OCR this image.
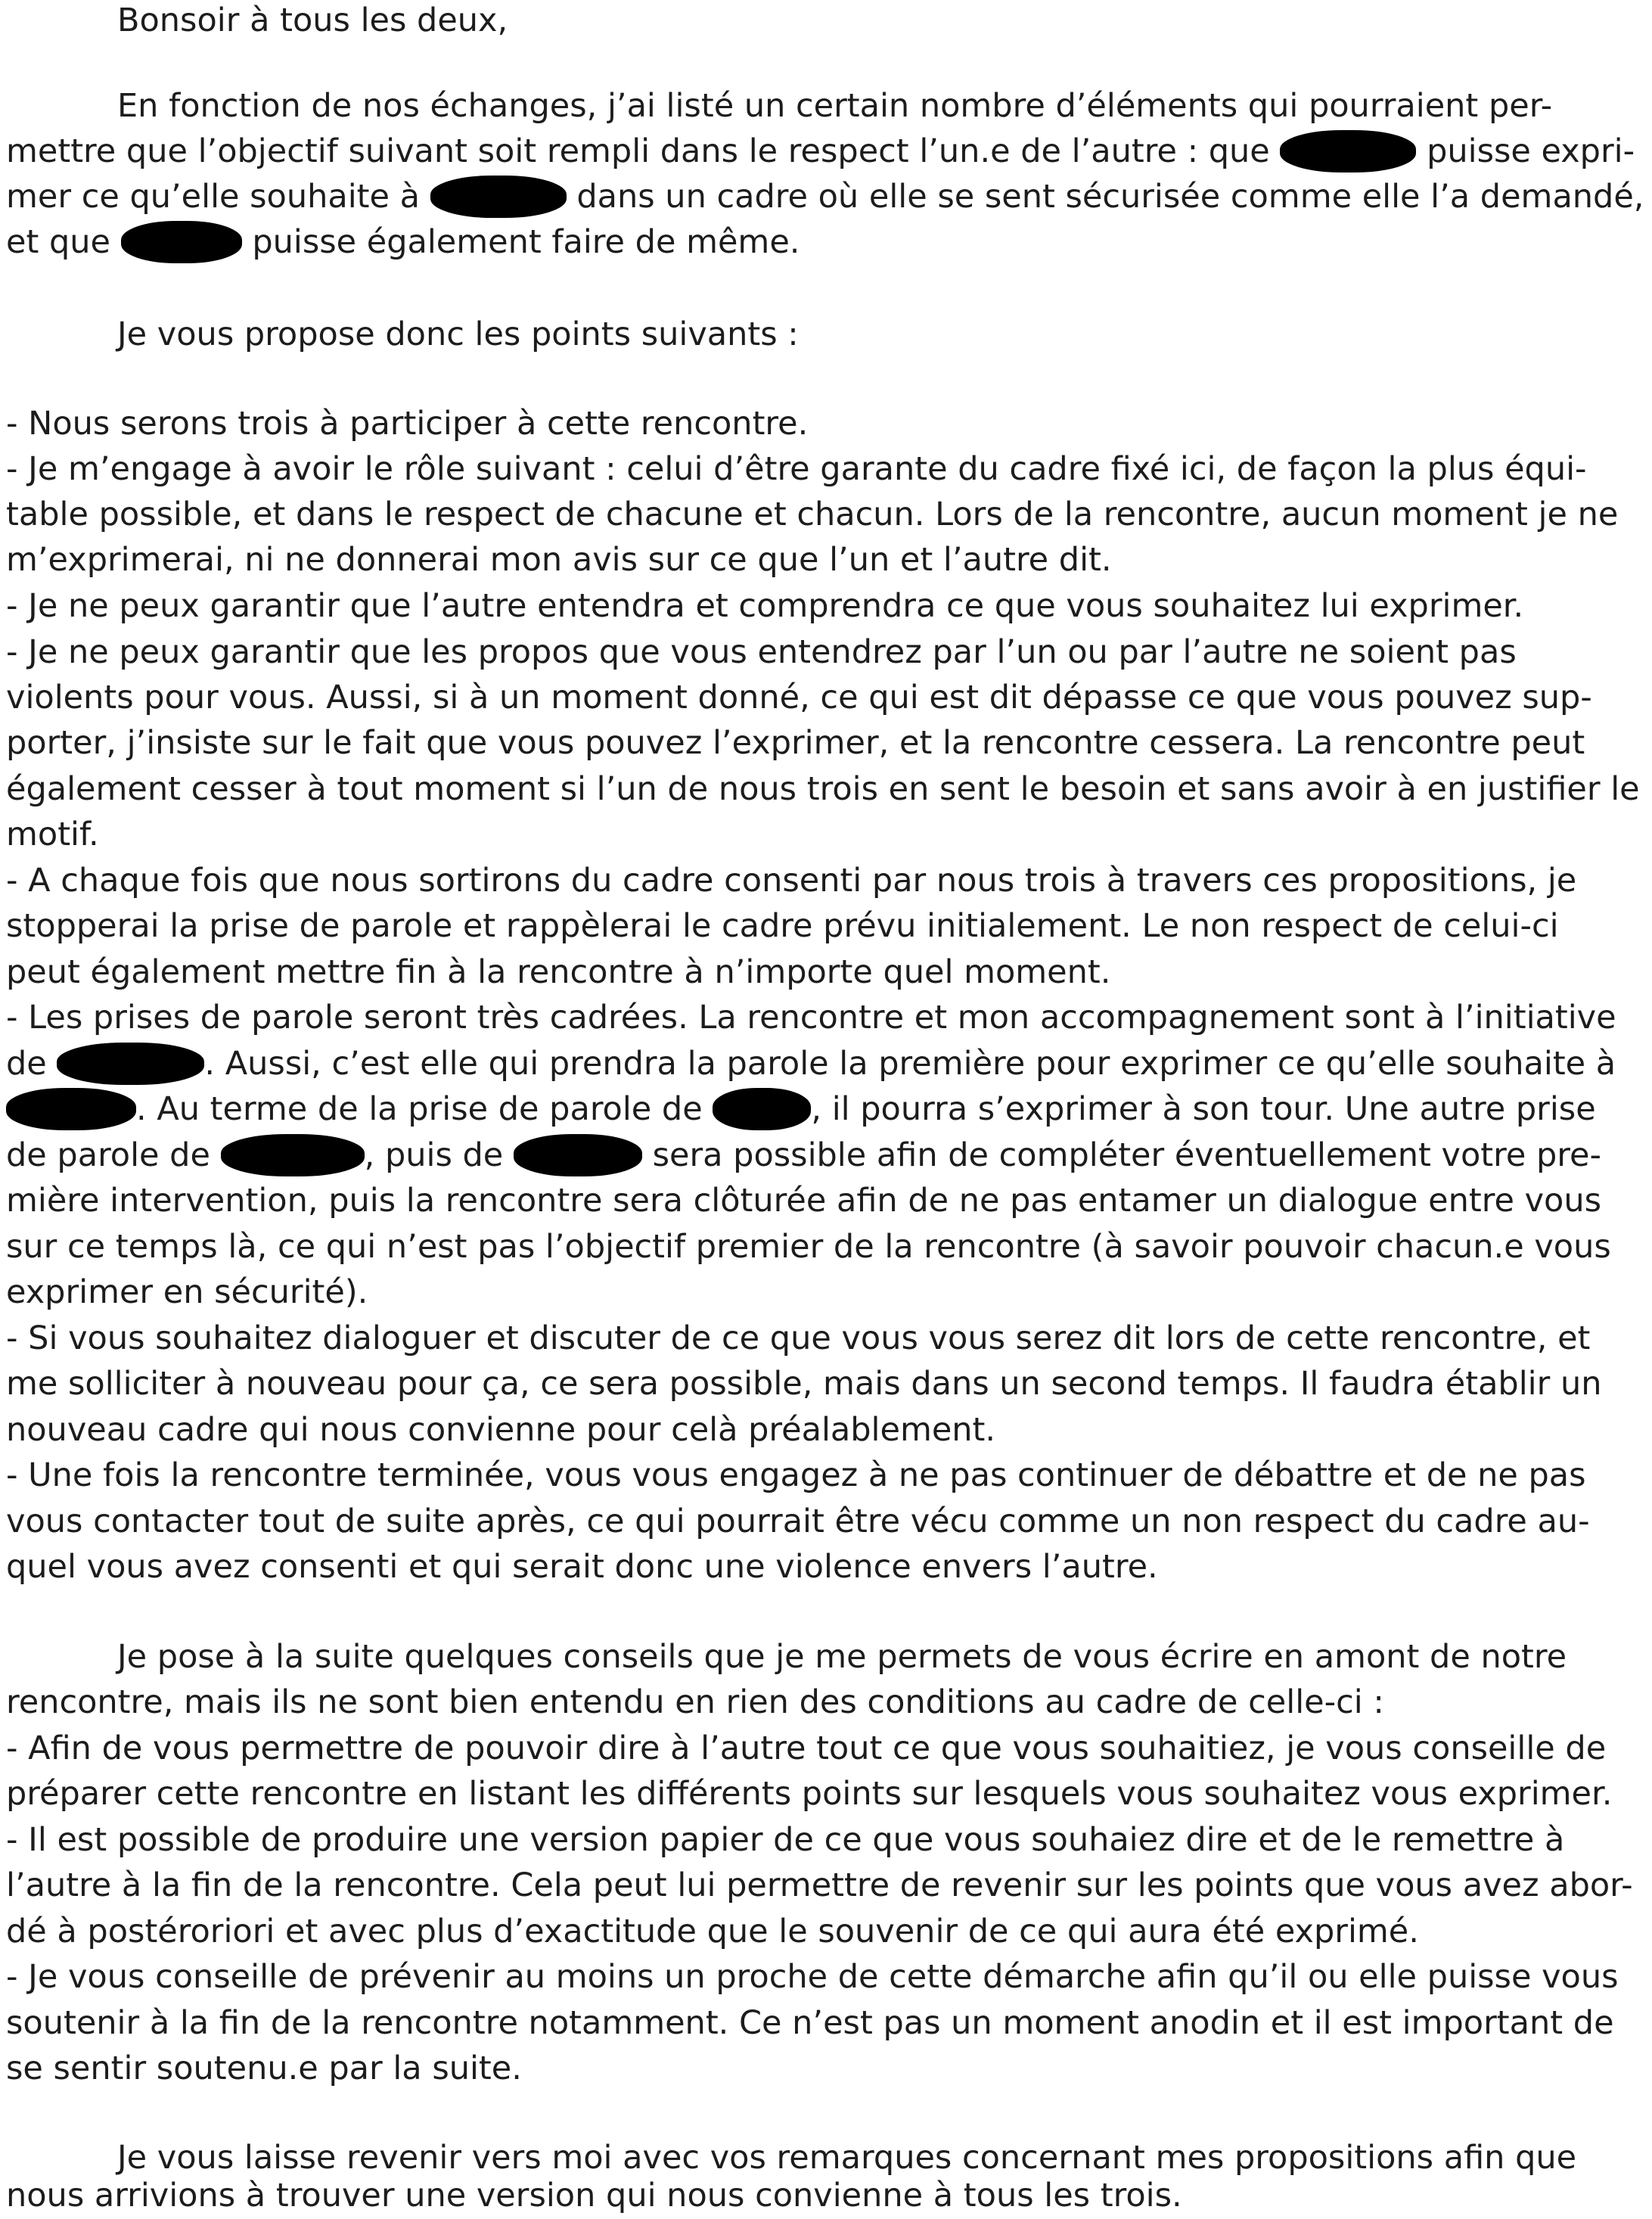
Bonsoir à tous les deux,
En fonction de nos échanges, j’ai listé un certain nombre d’éléments qui pourraient per-
mettre que l’objectif suivant soit rempli dans le respect l’un.e de l’autre : que	puisse expri-
mer ce qu’elle souhaite à	dans un cadre où elle se sent sécurisée comme elle l’a demandé,
et que	puisse également faire de même.
Je vous propose donc les points suivants :
- Nous serons trois à participer à cette rencontre.
- Je m’engage à avoir le rôle suivant : celui d’être garante du cadre fixé ici, de façon la plus équi-
table possible, et dans le respect de chacune et chacun. Lors de la rencontre, aucun moment je ne
m’exprimerai, ni ne donnerai mon avis sur ce que l’un et l’autre dit.
- Je ne peux garantir que l’autre entendra et comprendra ce que vous souhaitez lui exprimer.
- Je ne peux garantir que les propos que vous entendrez par l’un ou par l’autre ne soient pas
violents pour vous. Aussi, si à un moment donné, ce qui est dit dépasse ce que vous pouvez sup-
porter, j’insiste sur le fait que vous pouvez l’exprimer, et la rencontre cessera. La rencontre peut
également cesser à tout moment si l’un de nous trois en sent le besoin et sans avoir à en justifier le
motif.
- A chaque fois que nous sortirons du cadre consenti par nous trois à travers ces propositions, je
stopperai la prise de parole et rappèlerai le cadre prévu initialement. Le non respect de celui-ci
peut également mettre fin à la rencontre à n’importe quel moment.
- Les prises de parole seront très cadrées. La rencontre et mon accompagnement sont à l’initiative
de	. Aussi, c’est elle qui prendra la parole la première pour exprimer ce qu’elle souhaite à
. Au terme de la prise de parole de	, il pourra s’exprimer à son tour. Une autre prise
de parole de	, puis de	sera possible afin de compléter éventuellement votre pre-
mière intervention, puis la rencontre sera clôturée afin de ne pas entamer un dialogue entre vous
sur ce temps là, ce qui n’est pas l’objectif premier de la rencontre (à savoir pouvoir chacun.e vous
exprimer en sécurité).
- Si vous souhaitez dialoguer et discuter de ce que vous vous serez dit lors de cette rencontre, et
me solliciter à nouveau pour ça, ce sera possible, mais dans un second temps. Il faudra établir un
nouveau cadre qui nous convienne pour celà préalablement.
- Une fois la rencontre terminée, vous vous engagez à ne pas continuer de débattre et de ne pas
vous contacter tout de suite après, ce qui pourrait être vécu comme un non respect du cadre au-
quel vous avez consenti et qui serait donc une violence envers l’autre.
Je pose à la suite quelques conseils que je me permets de vous écrire en amont de notre
rencontre, mais ils ne sont bien entendu en rien des conditions au cadre de celle-ci :
- Afin de vous permettre de pouvoir dire à l’autre tout ce que vous souhaitiez, je vous conseille de
préparer cette rencontre en listant les différents points sur lesquels vous souhaitez vous exprimer.
- Il est possible de produire une version papier de ce que vous souhaiez dire et de le remettre à
l’autre à la fin de la rencontre. Cela peut lui permettre de revenir sur les points que vous avez abor-
dé à postéroriori et avec plus d’exactitude que le souvenir de ce qui aura été exprimé.
- Je vous conseille de prévenir au moins un proche de cette démarche afin qu’il ou elle puisse vous
soutenir à la fin de la rencontre notamment. Ce n’est pas un moment anodin et il est important de
se sentir soutenu.e par la suite.
Je vous laisse revenir vers moi avec vos remarques concernant mes propositions afin que
nous arrivions à trouver une version qui nous convienne à tous les trois.
